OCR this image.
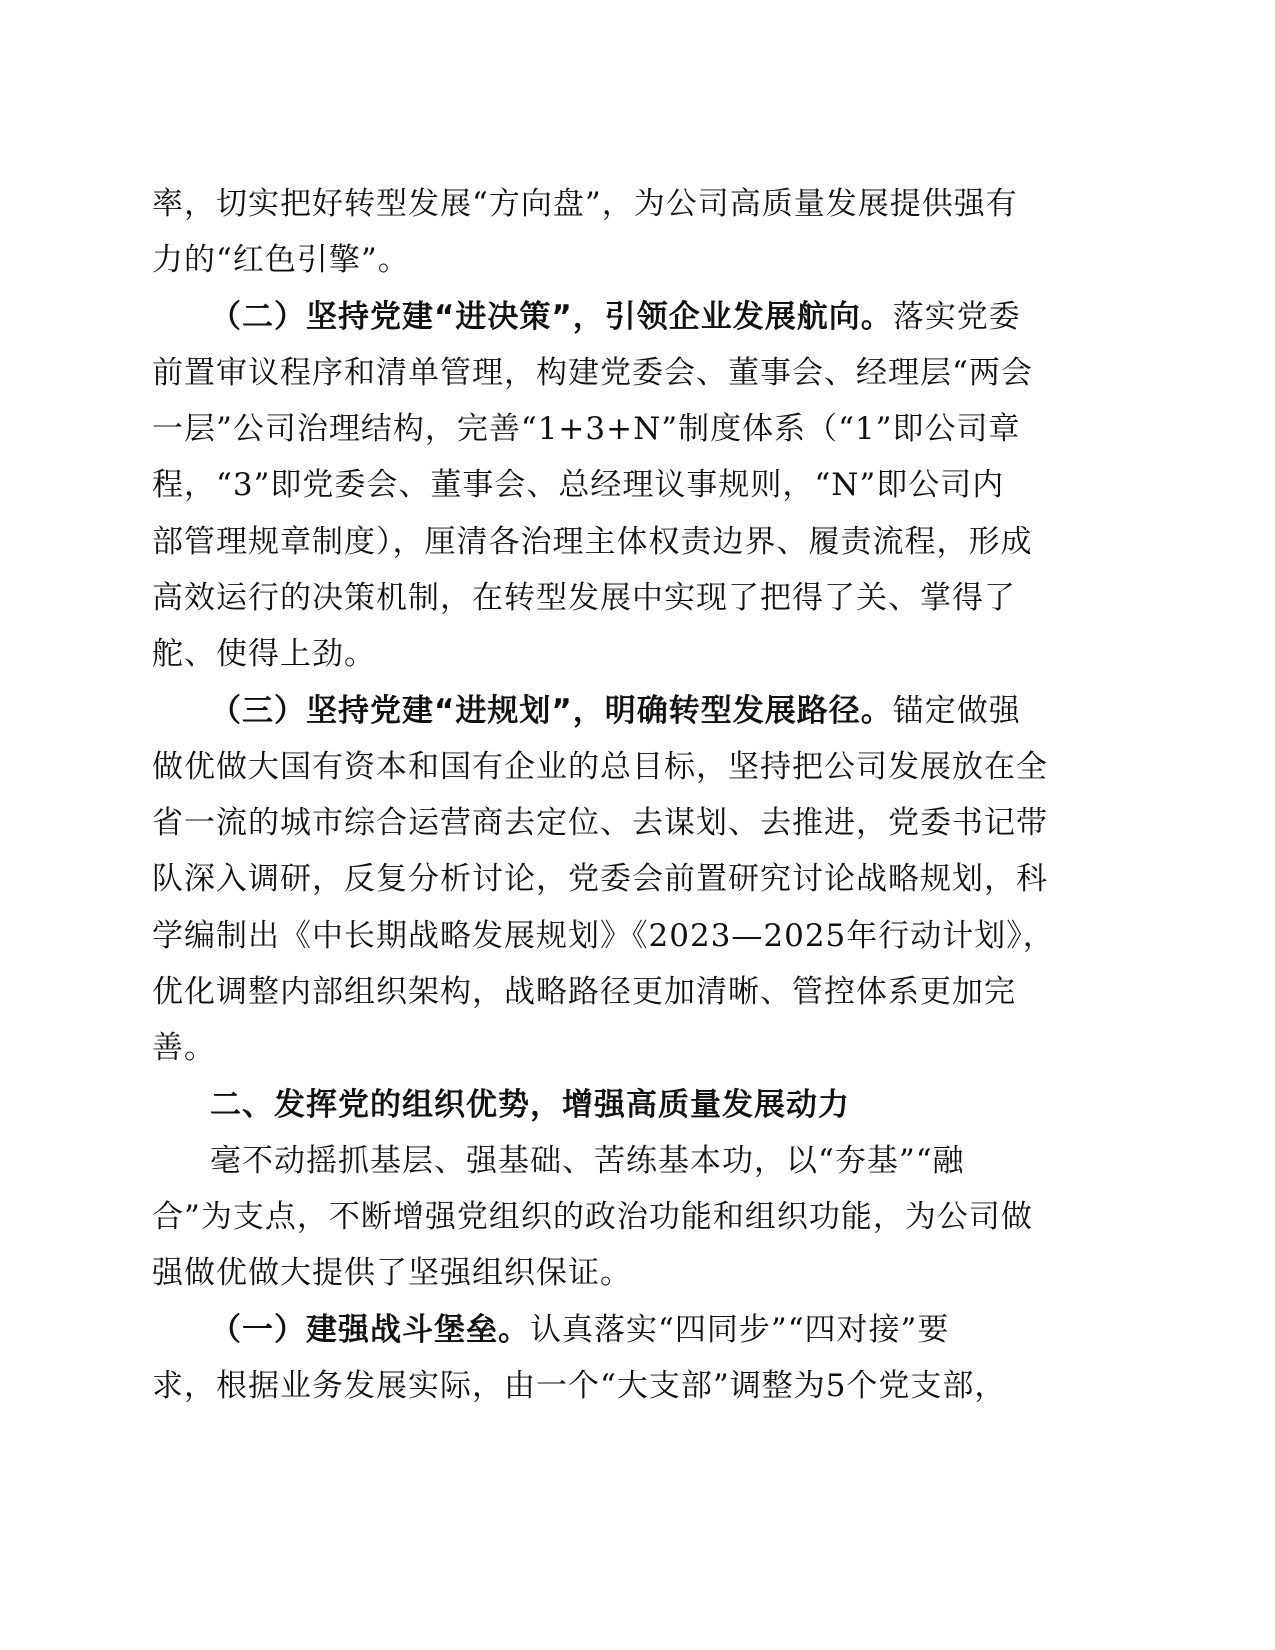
率，切实把好转型发展“方向盘”，为公司高质量发展提供强有
力的“红色引擎”。
（二）坚持党建“进决策”，引领企业发展航向。落实党委
前置审议程序和清单管理，构建党委会、董事会、经理层“两会
一层”公司治理结构，完善“1+3+N”制度体系（“1”即公司章
程，“3”即党委会、董事会、总经理议事规则，“N”即公司内
部管理规章制度），厘清各治理主体权责边界、履责流程，形成
高效运行的决策机制，在转型发展中实现了把得了关、掌得了
舵、使得上劲。
（三）坚持党建“进规划”，明确转型发展路径。锚定做强
做优做大国有资本和国有企业的总目标，坚持把公司发展放在全
省一流的城市综合运营商去定位、去谋划、去推进，党委书记带
队深入调研，反复分析讨论，党委会前置研究讨论战略规划，科
学编制出《中长期战略发展规划》《2023—2025年行动计划》，
优化调整内部组织架构，战略路径更加清晰、管控体系更加完
善。
二、发挥党的组织优势，增强高质量发展动力
毫不动摇抓基层、强基础、苦练基本功，以“夯基”“融
合”为支点，不断增强党组织的政治功能和组织功能，为公司做
强做优做大提供了坚强组织保证。
（一）建强战斗堡垒。认真落实“四同步”“四对接”要
求，根据业务发展实际，由一个“大支部”调整为5个党支部，
